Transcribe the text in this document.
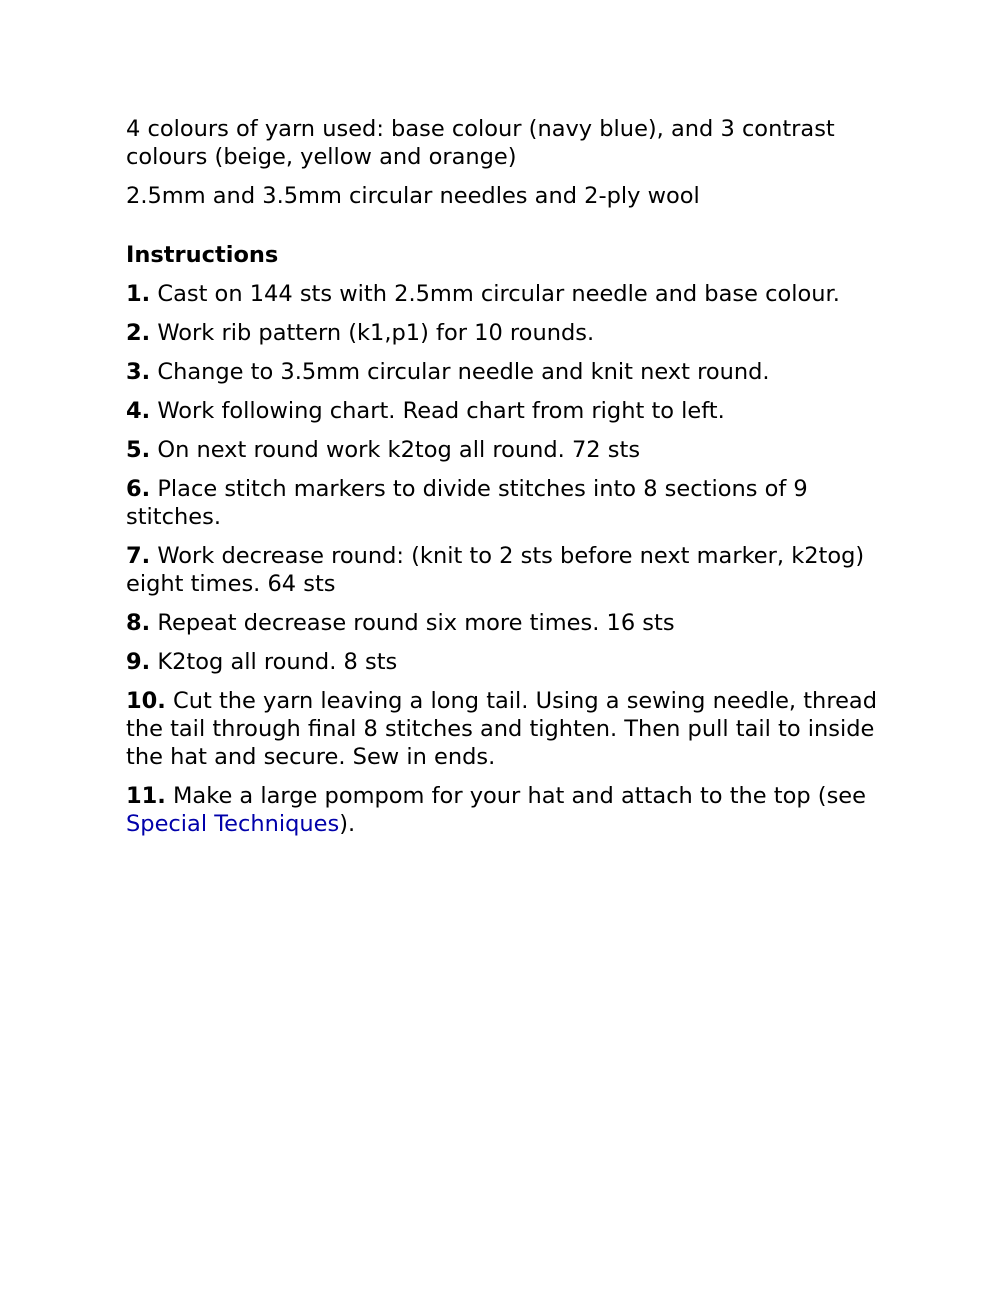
4 colours of yarn used: base colour (navy blue), and 3 contrast colours (beige, yellow and orange)

2.5mm and 3.5mm circular needles and 2-ply wool

Instructions

1. Cast on 144 sts with 2.5mm circular needle and base colour.

2. Work rib pattern (k1,p1) for 10 rounds.

3. Change to 3.5mm circular needle and knit next round.

4. Work following chart. Read chart from right to left.

5. On next round work k2tog all round. 72 sts

6. Place stitch markers to divide stitches into 8 sections of 9 stitches.

7. Work decrease round: (knit to 2 sts before next marker, k2tog) eight times. 64 sts

8. Repeat decrease round six more times. 16 sts

9. K2tog all round. 8 sts

10. Cut the yarn leaving a long tail. Using a sewing needle, thread the tail through final 8 stitches and tighten. Then pull tail to inside the hat and secure. Sew in ends.

11. Make a large pompom for your hat and attach to the top (see Special Techniques).
